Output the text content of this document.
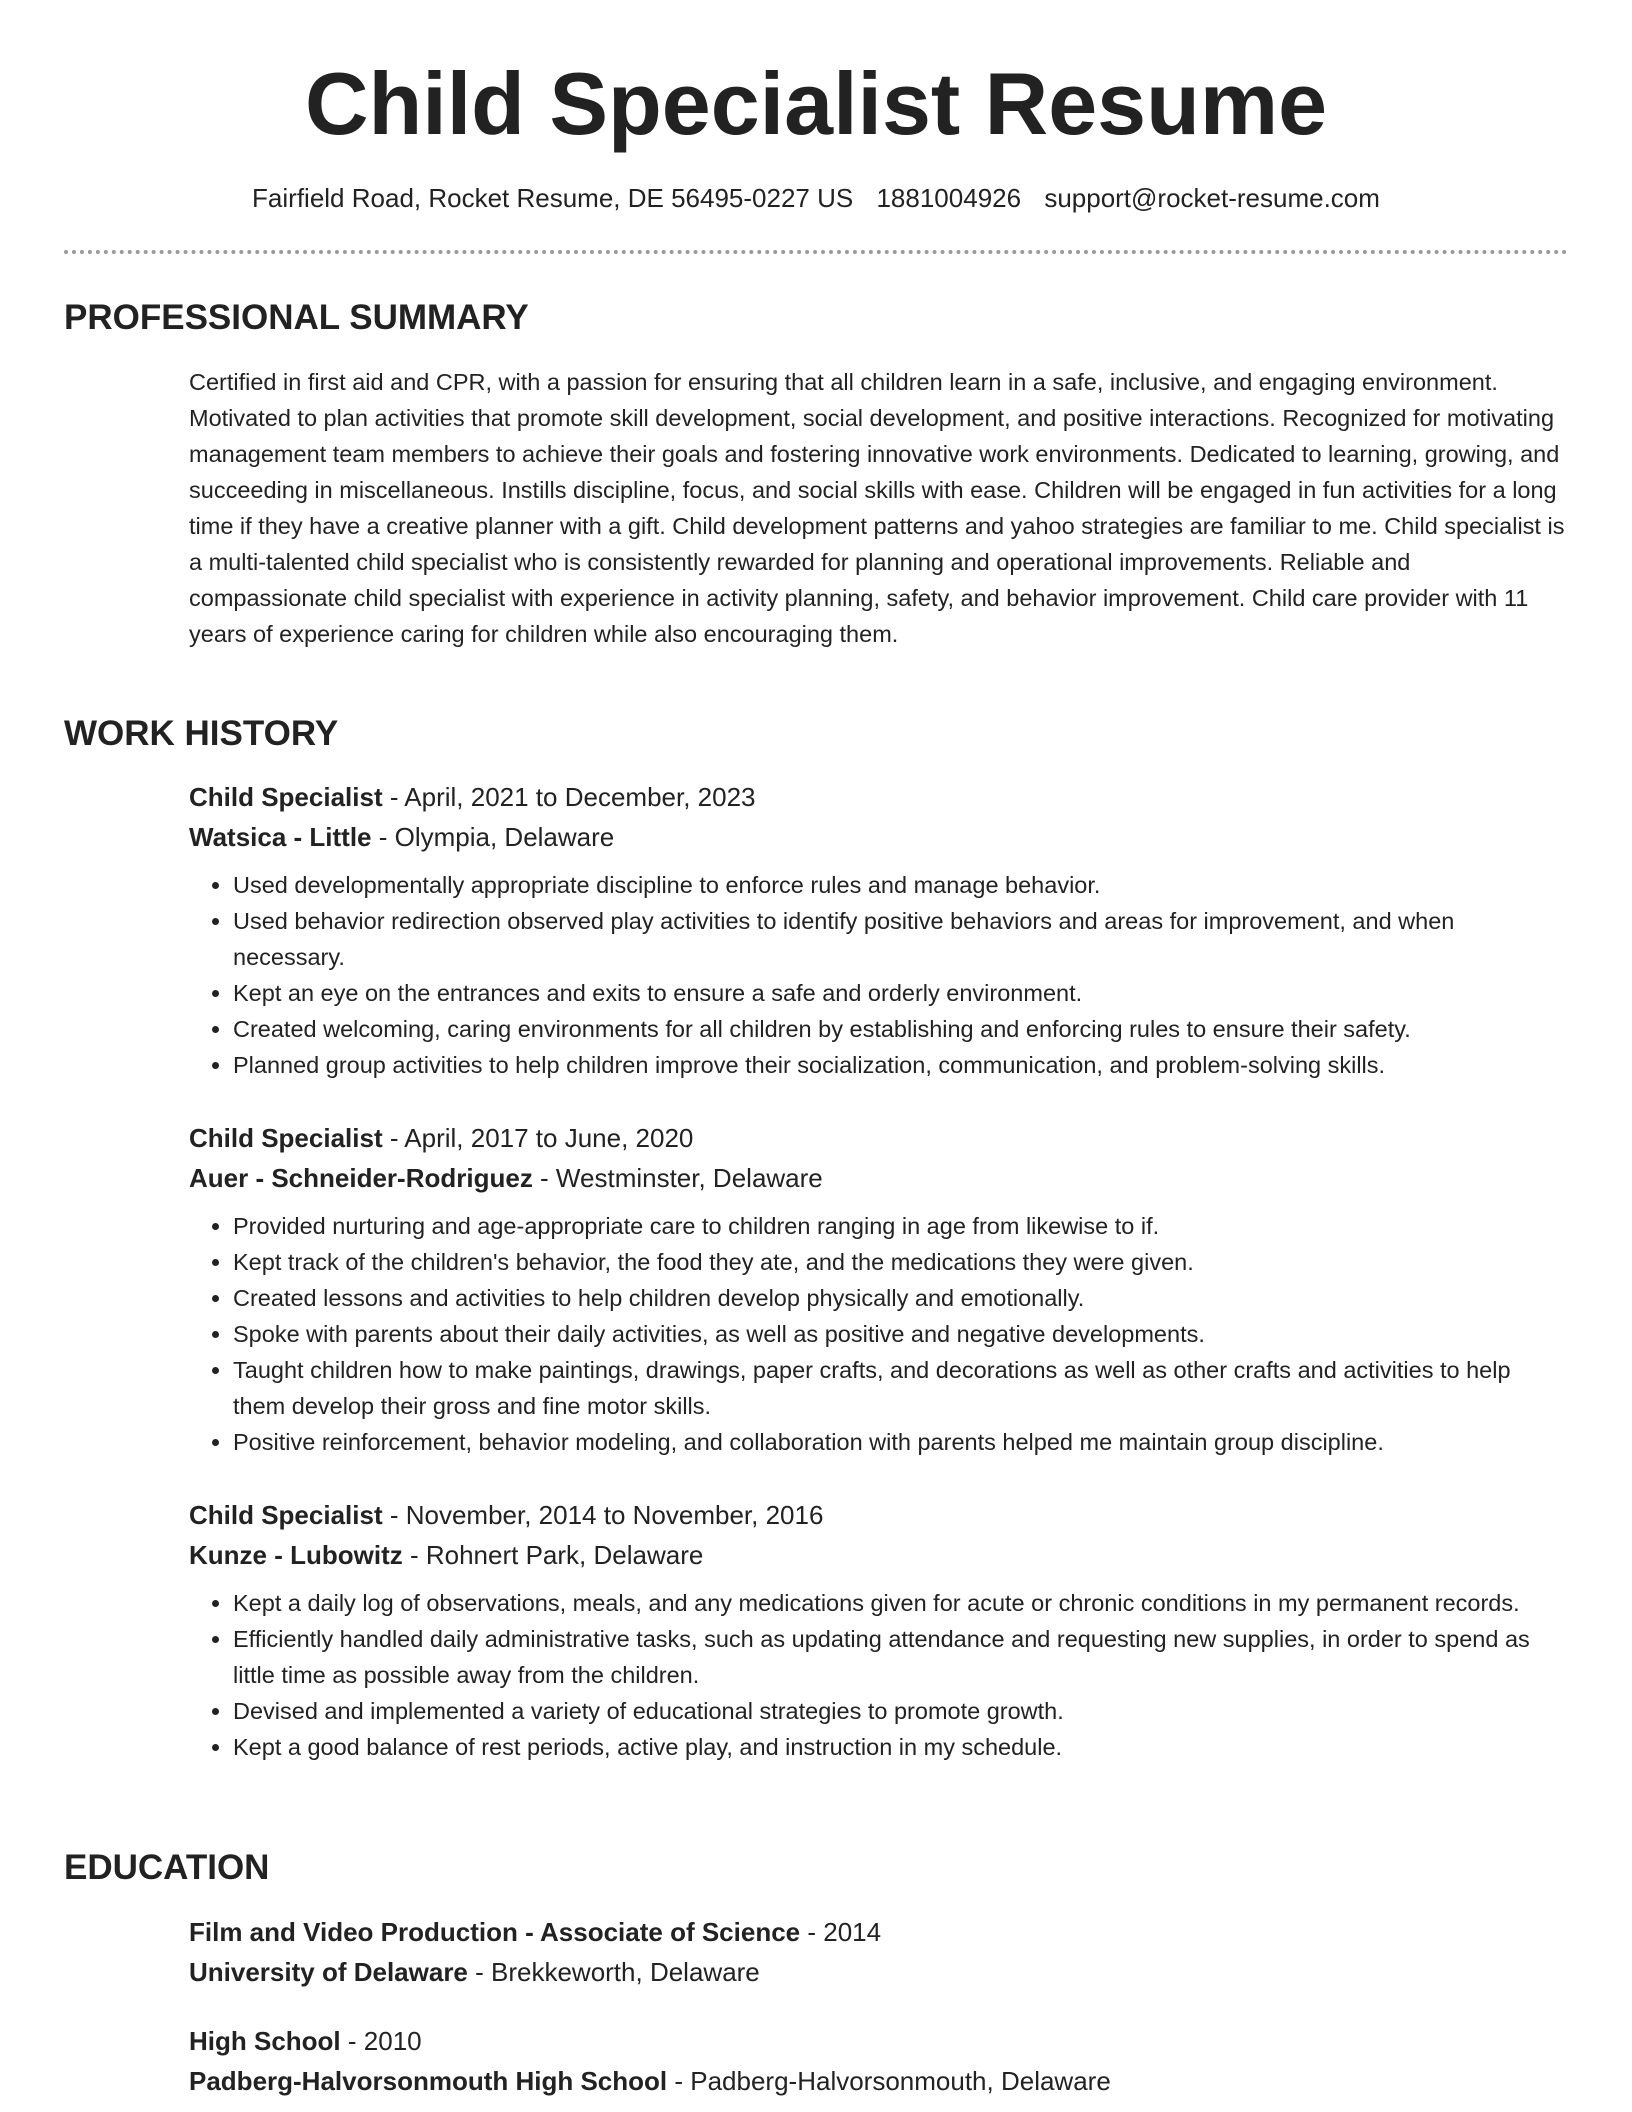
Child Specialist Resume
Fairfield Road, Rocket Resume, DE 56495-0227 US 1881004926 support@rocket-resume.com
PROFESSIONAL SUMMARY

Certified in first aid and CPR, with a passion for ensuring that all children learn in a safe, inclusive, and engaging environment. Motivated to plan activities that promote skill development, social development, and positive interactions. Recognized for motivating management team members to achieve their goals and fostering innovative work environments. Dedicated to learning, growing, and succeeding in miscellaneous. Instills discipline, focus, and social skills with ease. Children will be engaged in fun activities for a long time if they have a creative planner with a gift. Child development patterns and yahoo strategies are familiar to me. Child specialist is a multi-talented child specialist who is consistently rewarded for planning and operational improvements. Reliable and compassionate child specialist with experience in activity planning, safety, and behavior improvement. Child care provider with 11 years of experience caring for children while also encouraging them.

WORK HISTORY

Child Specialist - April, 2021 to December, 2023

Watsica - Little - Olympia, Delaware

• Used developmentally appropriate discipline to enforce rules and manage behavior.
• Used behavior redirection observed play activities to identify positive behaviors and areas for improvement, and when necessary.
• Kept an eye on the entrances and exits to ensure a safe and orderly environment.
• Created welcoming, caring environments for all children by establishing and enforcing rules to ensure their safety.
• Planned group activities to help children improve their socialization, communication, and problem-solving skills.

Child Specialist - April, 2017 to June, 2020

Auer - Schneider-Rodriguez - Westminster, Delaware

• Provided nurturing and age-appropriate care to children ranging in age from likewise to if.
• Kept track of the children's behavior, the food they ate, and the medications they were given.
• Created lessons and activities to help children develop physically and emotionally.
• Spoke with parents about their daily activities, as well as positive and negative developments.
• Taught children how to make paintings, drawings, paper crafts, and decorations as well as other crafts and activities to help them develop their gross and fine motor skills.
• Positive reinforcement, behavior modeling, and collaboration with parents helped me maintain group discipline.

Child Specialist - November, 2014 to November, 2016

Kunze - Lubowitz - Rohnert Park, Delaware

• Kept a daily log of observations, meals, and any medications given for acute or chronic conditions in my permanent records.
• Efficiently handled daily administrative tasks, such as updating attendance and requesting new supplies, in order to spend as little time as possible away from the children.
• Devised and implemented a variety of educational strategies to promote growth.
• Kept a good balance of rest periods, active play, and instruction in my schedule.
EDUCATION

Film and Video Production - Associate of Science - 2014

University of Delaware - Brekkeworth, Delaware

High School - 2010

Padberg-Halvorsonmouth High School - Padberg-Halvorsonmouth, Delaware
